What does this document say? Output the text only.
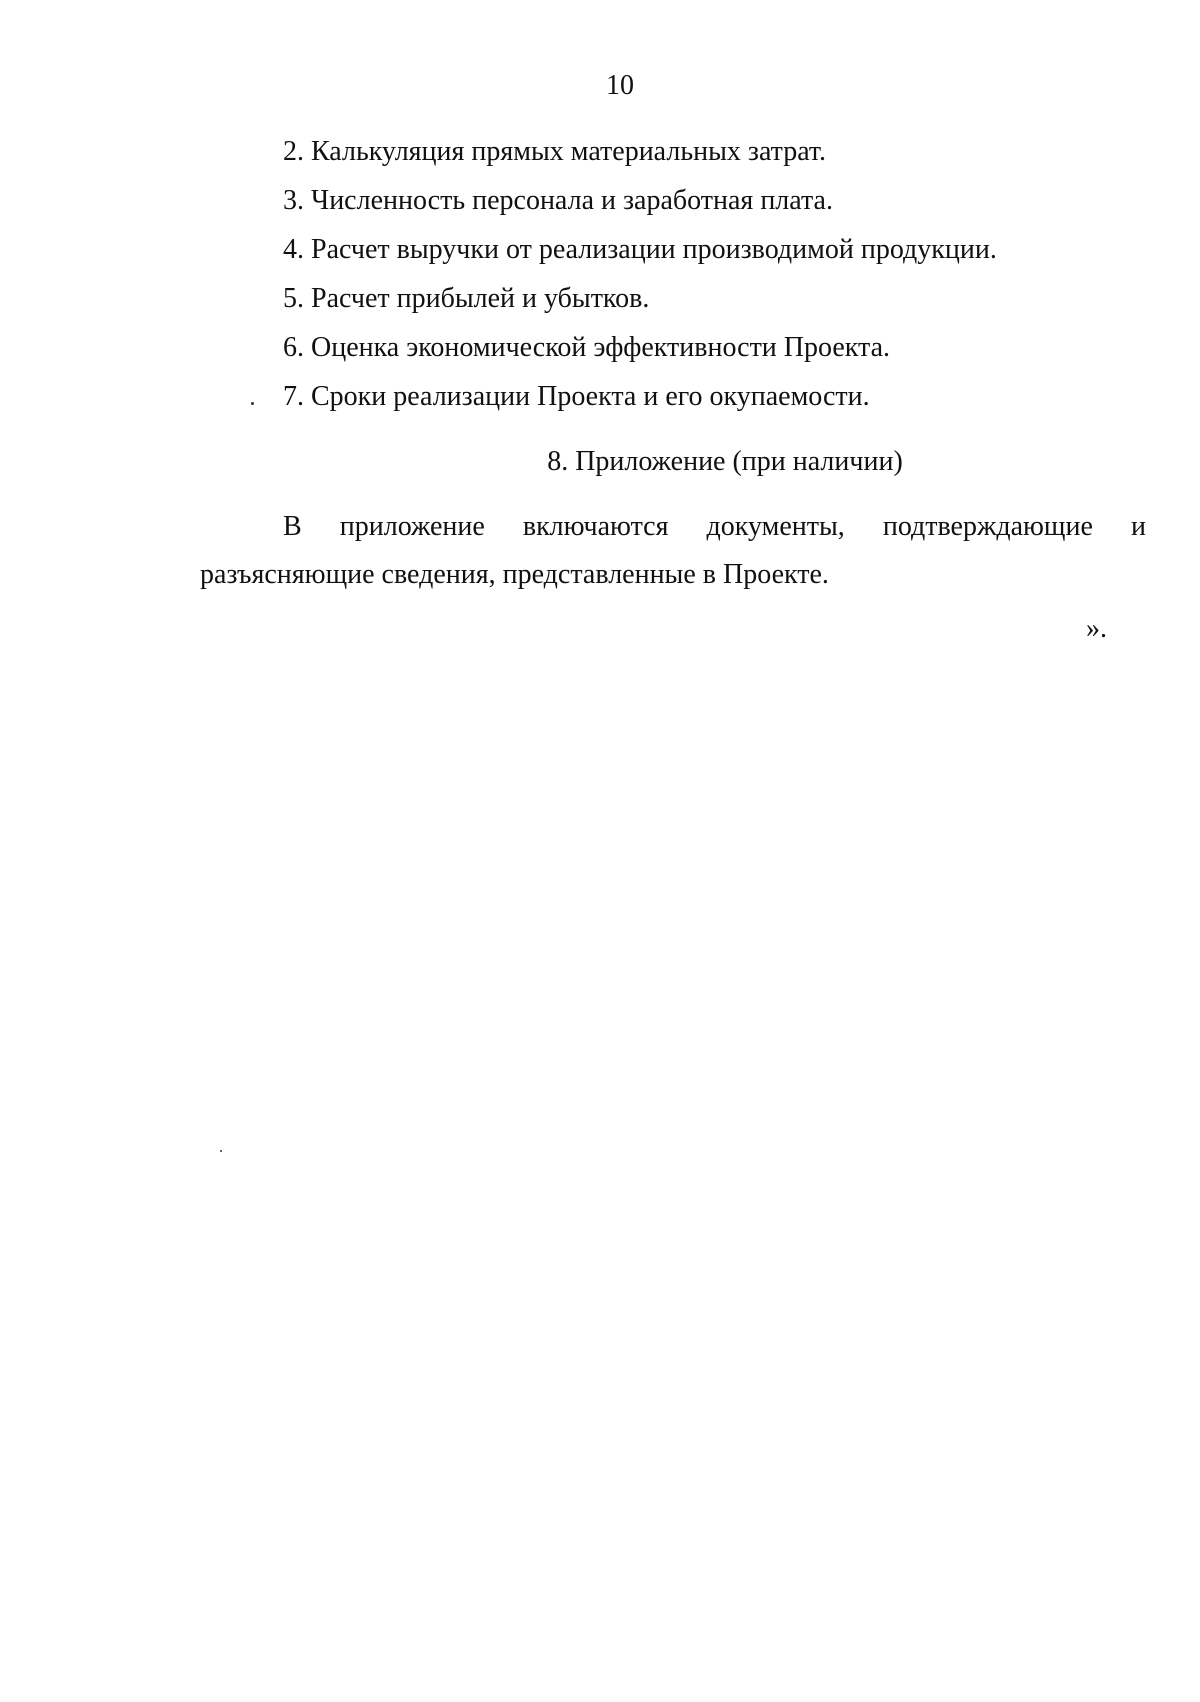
10
2. Калькуляция прямых материальных затрат.
3. Численность персонала и заработная плата.
4. Расчет выручки от реализации производимой продукции.
5. Расчет прибылей и убытков.
6. Оценка экономической эффективности Проекта.
7. Сроки реализации Проекта и его окупаемости.
8. Приложение (при наличии)
В приложение включаются документы, подтверждающие и
разъясняющие сведения, представленные в Проекте.
».
